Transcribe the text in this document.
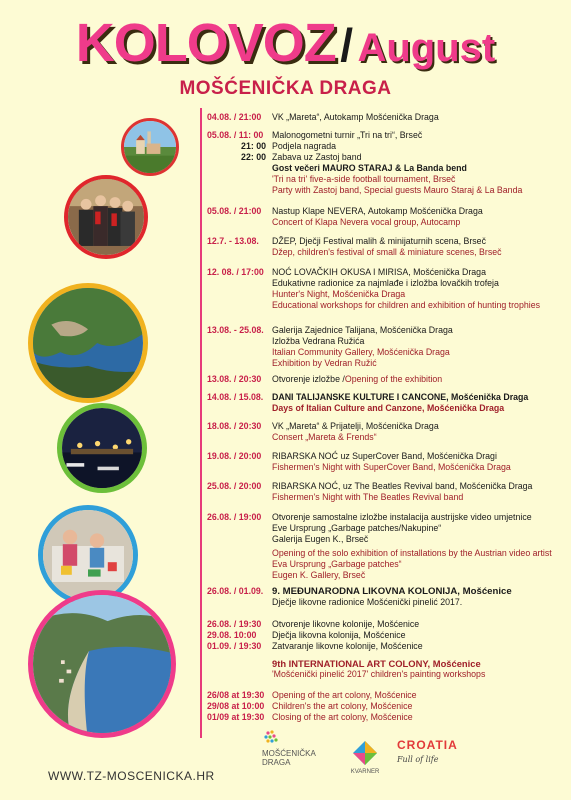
KOLOVOZ / August
MOŠĆENIČKA DRAGA
04.08. / 21:00	VK „Mareta“, Autokamp Mošćenička Draga
05.08. / 11: 00 Malonogometni turnir „Tri na tri“, Brseč
21: 00 Podjela nagrada
22: 00 Zabava uz Zastoj band
Gost večeri MAURO STARAJ & La Banda bend
'Tri na tri' five-a-side football tournament, Brseč
Party with Zastoj band, Special guests Mauro Staraj & La Banda
05.08. / 21:00	Nastup Klape NEVERA, Autokamp Mošćenička Draga
Concert of Klapa Nevera vocal group, Autocamp
12.7. - 13.08.	DŽEP, Dječji Festival malih & minijaturnih scena, Brseč
Džep, children's festival of small & miniature scenes, Brseč
12. 08. / 17:00 NOĆ LOVAČKIH OKUSA I MIRISA, Mošćenička Draga
Edukativne radionice za najmlađe i izložba lovačkih trofeja
Hunter's Night, Mošćenička Draga
Educational workshops for children and exhibition of hunting trophies
13.08. - 25.08. Galerija Zajednice Talijana, Mošćenička Draga
Izložba Vedrana Ružića
Italian Community Gallery, Mošćenička Draga
Exhibition by Vedran Ružić
13.08. / 20:30	Otvorenje izložbe / Opening of the exhibition
14.08. / 15.08. DANI TALIJANSKE KULTURE I CANCONE, Mošćenička Draga
Days of Italian Culture and Canzone, Mošćenička Draga
18.08. / 20:30	VK „Mareta“ & Prijatelji, Mošćenička Draga
Consert „Mareta & Frends“
19.08. / 20:00	RIBARSKA NOĆ uz SuperCover Band, Mošćenička Dragi
Fishermen's Night with SuperCover Band, Mošćenička Draga
25.08. / 20:00	RIBARSKA NOĆ, uz The Beatles Revival band, Mošćenička Draga
Fishermen's Night with The Beatles Revival band
26.08. / 19:00	Otvorenje samostalne izložbe instalacija austrijske video umjetnice
Eve Ursprung „Garbage patches/Nakupine“
Galerija Eugen K., Brseč
Opening of the solo exhibition of installations by the Austrian video artist
Eva Ursprung „Garbage patches“
Eugen K. Gallery, Brseč
26.08. / 01.09. 9. MEĐUNARODNA LIKOVNA KOLONIJA, Mošćenice
Dječje likovne radionice Mošćenički pinelić 2017.
26.08. / 19:30	Otvorenje likovne kolonije, Mošćenice
29.08. 10:00	Dječja likovna kolonija, Mošćenice
01.09. / 19:30	Zatvaranje likovne kolonije, Mošćenice
9th INTERNATIONAL ART COLONY, Mošćenice
'Mošćenički pinelić 2017' children's painting workshops
26/08 at 19:30 Opening of the art colony, Mošćenice
29/08 at 10:00 Children's the art colony, Mošćenice
01/09 at 19:30 Closing of the art colony, Mošćenice
WWW.TZ-MOSCENICKA.HR
MOŠĆENIČKA
DRAGA
KVARNER
CROATIA
Full of life
